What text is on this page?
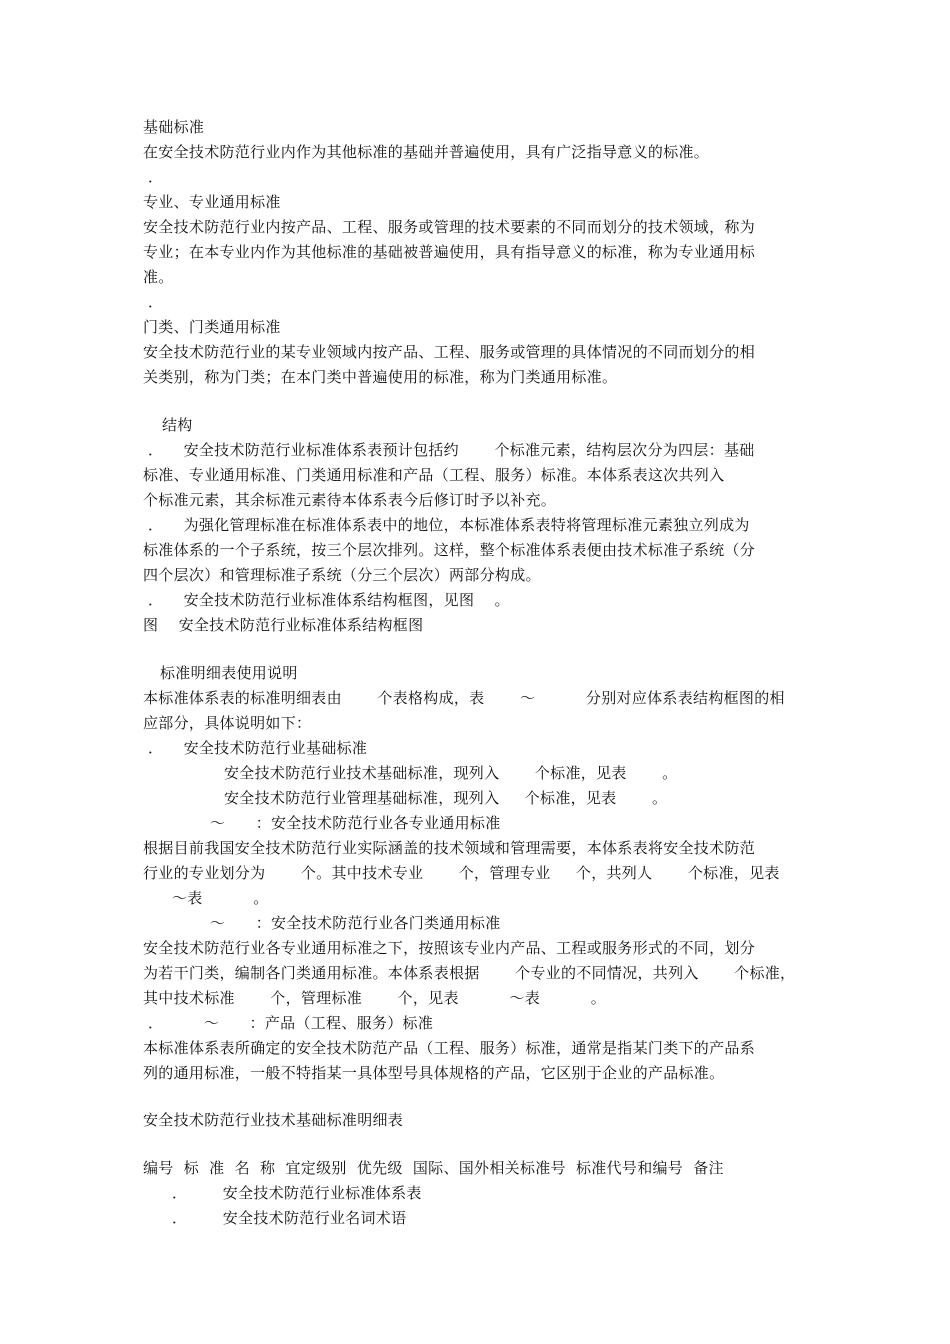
基础标准
在安全技术防范行业内作为其他标准的基础并普遍使用，具有广泛指导意义的标准。
．
专业、专业通用标准
安全技术防范行业内按产品、工程、服务或管理的技术要素的不同而划分的技术领域，称为
专业；在本专业内作为其他标准的基础被普遍使用，具有指导意义的标准，称为专业通用标
准。
．
门类、门类通用标准
安全技术防范行业的某专业领域内按产品、工程、服务或管理的具体情况的不同而划分的相
关类别，称为门类；在本门类中普遍使用的标准，称为门类通用标准。
结构
．    安全技术防范行业标准体系表预计包括约       个标准元素，结构层次分为四层：基础
标准、专业通用标准、门类通用标准和产品（工程、服务）标准。本体系表这次共列入
个标准元素，其余标准元素待本体系表今后修订时予以补充。
．    为强化管理标准在标准体系表中的地位，本标准体系表特将管理标准元素独立列成为
标准体系的一个子系统，按三个层次排列。这样，整个标准体系表便由技术标准子系统（分
四个层次）和管理标准子系统（分三个层次）两部分构成。
．    安全技术防范行业标准体系结构框图，见图    。
图    安全技术防范行业标准体系结构框图
标准明细表使用说明
本标准体系表的标准明细表由       个表格构成，表       ～          分别对应体系表结构框图的相
应部分，具体说明如下：
．    安全技术防范行业基础标准
安全技术防范行业技术基础标准，现列入       个标准，见表       。
安全技术防范行业管理基础标准，现列入     个标准，见表       。
～      ：安全技术防范行业各专业通用标准
根据目前我国安全技术防范行业实际涵盖的技术领域和管理需要，本体系表将安全技术防范
行业的专业划分为       个。其中技术专业       个，管理专业     个，共列人       个标准，见表
～表          。
～      ：安全技术防范行业各门类通用标准
安全技术防范行业各专业通用标准之下，按照该专业内产品、工程或服务形式的不同，划分
为若干门类，编制各门类通用标准。本体系表根据       个专业的不同情况，共列入       个标准，
其中技术标准       个，管理标准       个，见表          ～表          。
．        ～      ：产品（工程、服务）标准
本标准体系表所确定的安全技术防范产品（工程、服务）标准，通常是指某门类下的产品系
列的通用标准，一般不特指某一具体型号具体规格的产品，它区别于企业的产品标准。
安全技术防范行业技术基础标准明细表
编号  标  准  名  称  宜定级别  优先级  国际、国外相关标准号  标准代号和编号  备注
．       安全技术防范行业标准体系表
．       安全技术防范行业名词术语
